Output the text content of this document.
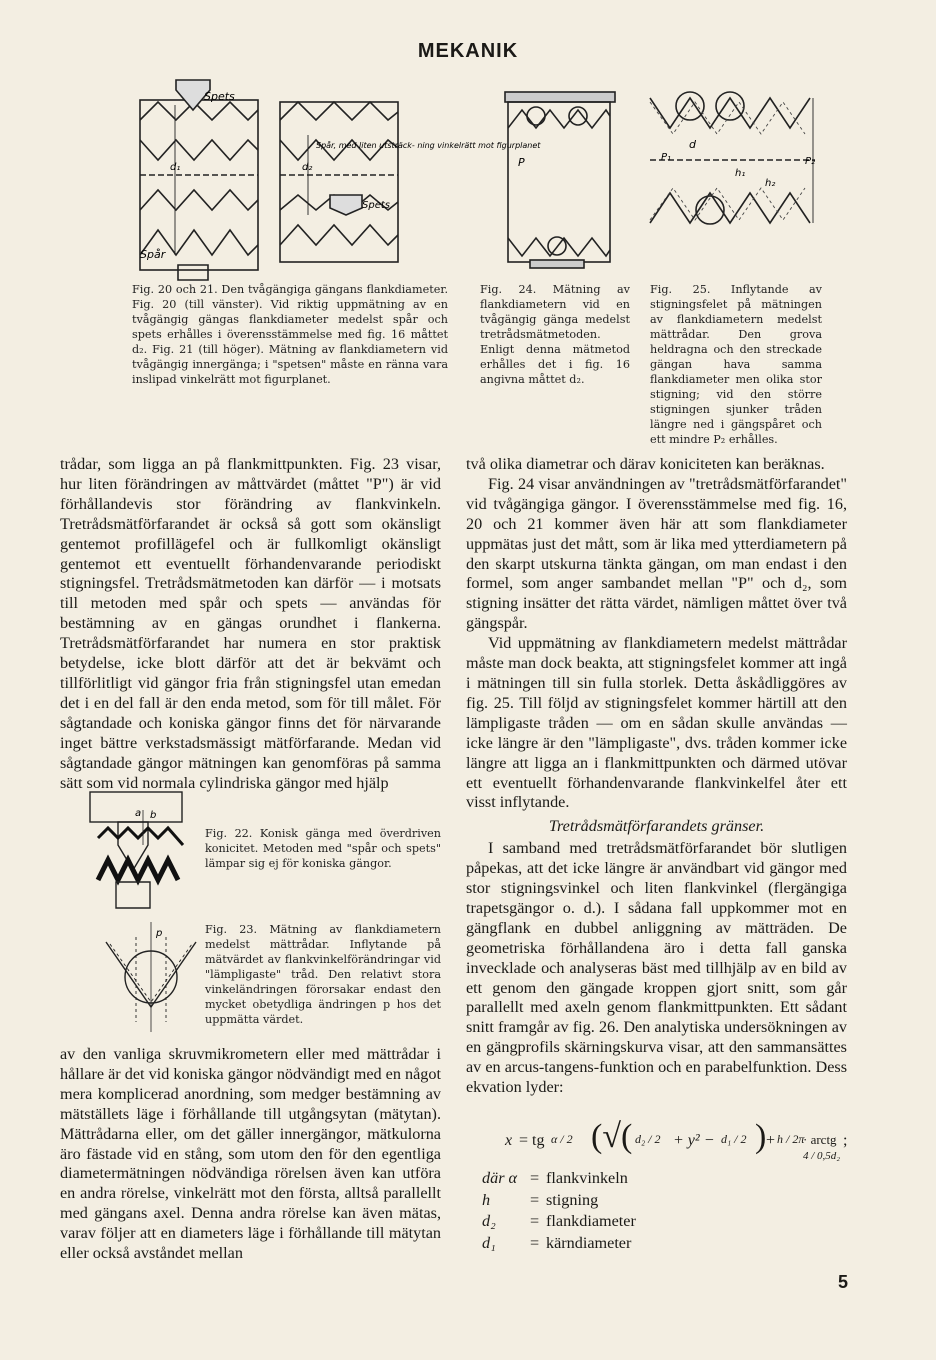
MEKANIK
Spets
d₁
Spår
d₂
Spår, med liten utsträck- ning vinkelrätt mot figurplanet
Spets
Fig. 20 och 21. Den tvågängiga gängans flankdiameter. Fig. 20 (till vänster). Vid riktig uppmätning av en tvågängig gängas flankdiameter medelst spår och spets erhålles i överensstämmelse med fig. 16 måttet d₂. Fig. 21 (till höger). Mätning av flankdiametern vid tvågängig innergänga; i "spetsen" måste en ränna vara inslipad vinkelrätt mot figurplanet.
P
Fig. 24. Mätning av flankdiametern vid en tvågängig gänga medelst tretrådsmätmetoden. Enligt denna mätmetod erhålles det i fig. 16 angivna måttet d₂.
d
P₁	P₂
h₁
h₂
Fig. 25. Inflytande av stigningsfelet på mätningen av flankdiametern medelst mättrådar. Den grova heldragna och den streckade gängan hava samma flankdiameter men olika stor stigning; vid den större stigningen sjunker tråden längre ned i gängspåret och ett mindre P₂ erhålles.

trådar, som ligga an på flankmittpunkten. Fig. 23 visar, hur liten förändringen av måttvärdet (måttet "P") är vid förhållandevis stor förändring av flankvinkeln. Tretrådsmätförfarandet är också så gott som okänsligt gentemot profillägefel och är fullkomligt okänsligt gentemot ett eventuellt förhandenvarande periodiskt stigningsfel. Tretrådsmätmetoden kan därför — i motsats till metoden med spår och spets — användas för bestämning av en gängas orundhet i flankerna. Tretrådsmätförfarandet har numera en stor praktisk betydelse, icke blott därför att det är bekvämt och tillförlitligt vid gängor fria från stigningsfel utan emedan det i en del fall är den enda metod, som för till målet. För sågtandade och koniska gängor finns det för närvarande inget bättre verkstadsmässigt mätförfarande. Medan vid sågtandade gängor mätningen kan genomföras på samma sätt som vid normala cylindriska gängor med hjälp

a b
Fig. 22. Konisk gänga med överdriven konicitet. Metoden med "spår och spets" lämpar sig ej för koniska gängor.
p	Fig. 23. Mätning av flankdiametern medelst mättrådar. Inflytande på mätvärdet av flankvinkelförändringar vid "lämpligaste" tråd. Den relativt stora vinkeländringen förorsakar endast den mycket obetydliga ändringen p hos det uppmätta värdet.

av den vanliga skruvmikrometern eller med mättrådar i hållare är det vid koniska gängor nödvändigt med en något mera komplicerad anordning, som medger bestämning av mätställets läge i förhållande till utgångsytan (mätytan). Mättrådarna eller, om det gäller innergängor, mätkulorna äro fästade vid en stång, som utom den för den egentliga diametermätningen nödvändiga rörelsen även kan utföra en andra rörelse, vinkelrätt mot den första, alltså parallellt med gängans axel. Denna andra rörelse kan även mätas, varav följer att en diameters läge i förhållande till mätytan eller också avståndet mellan

två olika diametrar och därav koniciteten kan beräknas.

Fig. 24 visar användningen av "tretrådsmätförfarandet" vid tvågängiga gängor. I överensstämmelse med fig. 16, 20 och 21 kommer även här att som flankdiameter uppmätas just det mått, som är lika med ytterdiametern på den skarpt utskurna tänkta gängan, om man endast i den formel, som anger sambandet mellan "P" och d₂, som stigning insätter det rätta värdet, nämligen måttet över två gängspår.

Vid uppmätning av flankdiametern medelst mättrådar måste man dock beakta, att stigningsfelet kommer att ingå i mätningen till sin fulla storlek. Detta åskådliggöres av fig. 25. Till följd av stigningsfelet kommer härtill att den lämpligaste tråden — om en sådan skulle användas — icke längre är den "lämpligaste", dvs. tråden kommer icke längre att ligga an i flankmittpunkten och därmed utövar ett eventuellt förhandenvarande flankvinkelfel åter ett visst inflytande.

Tretrådsmätförfarandets gränser.

I samband med tretrådsmätförfarandet bör slutligen påpekas, att det icke längre är användbart vid gängor med stor stigningsvinkel och liten flankvinkel (flergängiga trapetsgängor o. d.). I sådana fall uppkommer mot en gängflank en dubbel anliggning av mätträden. De geometriska förhållandena äro i detta fall ganska invecklade och analyseras bäst med tillhjälp av en bild av ett genom den gängade kroppen gjort snitt, som går parallellt med axeln genom flankmittpunkten. Ett sådant snitt framgår av fig. 26. Den analytiska undersökningen av en gängprofils skärningskurva visar, att den sammansättes av en arcus-tangens-funktion och en parabelfunktion. Dess ekvation lyder:

x = tg α / 2 (√( d₂ / 2 + y² − d₁ / 2 ) + h / 2π
· arctg
4 / 0,5d₂
;
där α = flankvinkeln
h = stigning
d₂ = flankdiameter
d₁ = kärndiameter
5
